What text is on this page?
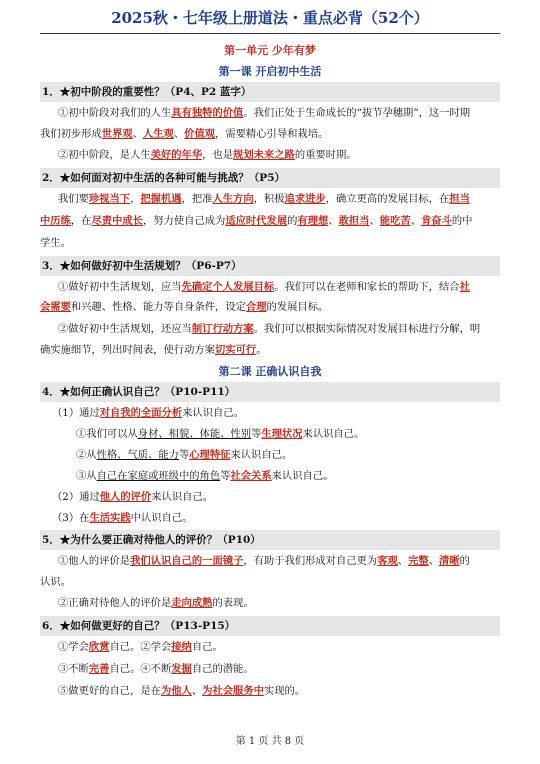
2025秋・七年级上册道法・重点必背（52个）
第一单元 少年有梦
第一课 开启初中生活
1．★初中阶段的重要性？（P4、P2 蓝字）
①初中阶段对我们的人生具有独特的价值。我们正处于生命成长的“拔节孕穗期”，这一时期
我们初步形成世界观、人生观、价值观，需要精心引导和栽培。
②初中阶段，是人生美好的年华，也是规划未来之路的重要时期。
2．★如何面对初中生活的各种可能与挑战？（P5）
我们要珍视当下，把握机遇，把准人生方向，积极追求进步，确立更高的发展目标，在担当
中历练，在尽责中成长，努力使自己成为适应时代发展的有理想、敢担当、能吃苦、肯奋斗的中
学生。
3．★如何做好初中生活规划？（P6-P7）
①做好初中生活规划，应当先确定个人发展目标。我们可以在老师和家长的帮助下，结合社
会需要和兴趣、性格、能力等自身条件，设定合理的发展目标。
②做好初中生活规划，还应当制订行动方案。我们可以根据实际情况对发展目标进行分解，明
确实施细节，列出时间表，使行动方案切实可行。
第二课 正确认识自我
4．★如何正确认识自己？（P10-P11）
（1）通过对自我的全面分析来认识自己。
①我们可以从身材、相貌、体能、性别等生理状况来认识自己。
②从性格、气质、能力等心理特征来认识自己。
③从自己在家庭或班级中的角色等社会关系来认识自己。
（2）通过他人的评价来认识自己。
（3）在生活实践中认识自己。
5．★为什么要正确对待他人的评价？（P10）
①他人的评价是我们认识自己的一面镜子，有助于我们形成对自己更为客观、完整、清晰的
认识。
②正确对待他人的评价是走向成熟的表现。
6．★如何做更好的自己？（P13-P15）
①学会欣赏自己。②学会接纳自己。
③不断完善自己。④不断发掘自己的潜能。
⑤做更好的自己，是在为他人、为社会服务中实现的。
第 1 页 共 8 页
